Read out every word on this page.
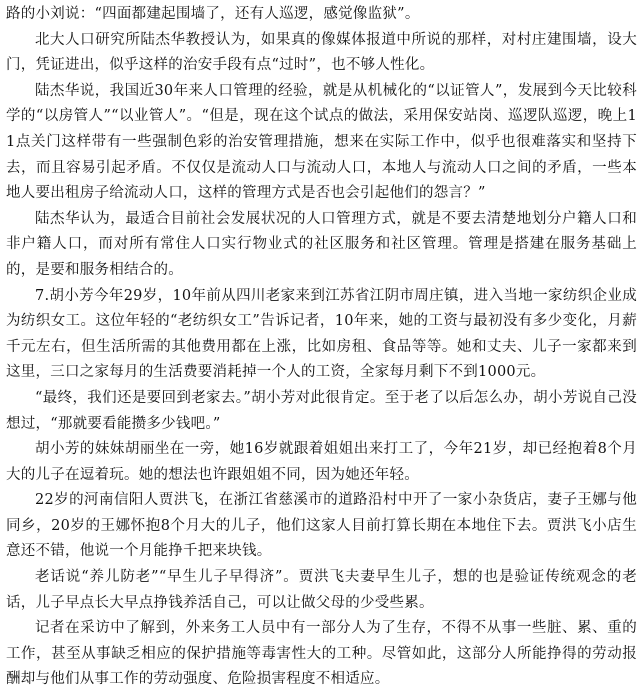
路的小刘说：“四面都建起围墙了，还有人巡逻，感觉像监狱”。

北大人口研究所陆杰华教授认为，如果真的像媒体报道中所说的那样，对村庄建围墙，设大门，凭证进出，似乎这样的治安手段有点“过时”，也不够人性化。

陆杰华说，我国近30年来人口管理的经验，就是从机械化的“以证管人”，发展到今天比较科学的“以房管人”“以业管人”。“但是，现在这个试点的做法，采用保安站岗、巡逻队巡逻，晚上11点关门这样带有一些强制色彩的治安管理措施，想来在实际工作中，似乎也很难落实和坚持下去，而且容易引起矛盾。不仅仅是流动人口与流动人口，本地人与流动人口之间的矛盾，一些本地人要出租房子给流动人口，这样的管理方式是否也会引起他们的怨言？”

陆杰华认为，最适合目前社会发展状况的人口管理方式，就是不要去清楚地划分户籍人口和非户籍人口，而对所有常住人口实行物业式的社区服务和社区管理。管理是搭建在服务基础上的，是要和服务相结合的。

7.胡小芳今年29岁，10年前从四川老家来到江苏省江阴市周庄镇，进入当地一家纺织企业成为纺织女工。这位年轻的“老纺织女工”告诉记者，10年来，她的工资与最初没有多少变化，月薪千元左右，但生活所需的其他费用都在上涨，比如房租、食品等等。她和丈夫、儿子一家都来到这里，三口之家每月的生活费要消耗掉一个人的工资，全家每月剩下不到1000元。

“最终，我们还是要回到老家去。”胡小芳对此很肯定。至于老了以后怎么办，胡小芳说自己没想过，“那就要看能攒多少钱吧。”

胡小芳的妹妹胡丽坐在一旁，她16岁就跟着姐姐出来打工了，今年21岁，却已经抱着8个月大的儿子在逗着玩。她的想法也许跟姐姐不同，因为她还年轻。

22岁的河南信阳人贾洪飞，在浙江省慈溪市的道路沿村中开了一家小杂货店，妻子王娜与他同乡，20岁的王娜怀抱8个月大的儿子，他们这家人目前打算长期在本地住下去。贾洪飞小店生意还不错，他说一个月能挣千把来块钱。

老话说“养儿防老”“早生儿子早得济”。贾洪飞夫妻早生儿子，想的也是验证传统观念的老话，儿子早点长大早点挣钱养活自己，可以让做父母的少受些累。

记者在采访中了解到，外来务工人员中有一部分人为了生存，不得不从事一些脏、累、重的工作，甚至从事缺乏相应的保护措施等毒害性大的工种。尽管如此，这部分人所能挣得的劳动报酬却与他们从事工作的劳动强度、危险损害程度不相适应。
